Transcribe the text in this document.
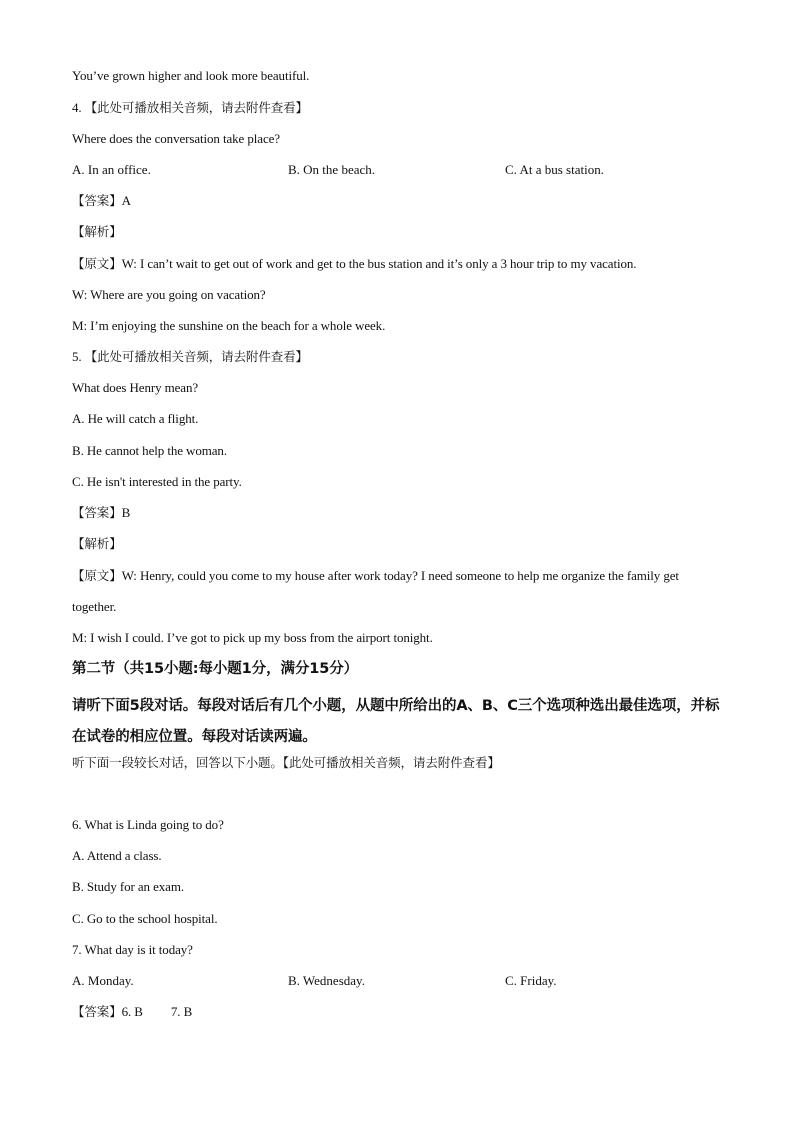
You’ve grown higher and look more beautiful.
4. 【此处可播放相关音频，请去附件查看】
Where does the conversation take place?
A. In an office.	B. On the beach.	C. At a bus station.
【答案】A
【解析】
【原文】W: I can’t wait to get out of work and get to the bus station and it’s only a 3 hour trip to my vacation.
W: Where are you going on vacation?
M: I’m enjoying the sunshine on the beach for a whole week.
5. 【此处可播放相关音频，请去附件查看】
What does Henry mean?
A. He will catch a flight.
B. He cannot help the woman.
C. He isn't interested in the party.
【答案】B
【解析】
【原文】W: Henry, could you come to my house after work today? I need someone to help me organize the family get together.
M: I wish I could. I’ve got to pick up my boss from the airport tonight.
第二节（共15小题:每小题1分，满分15分）
请听下面5段对话。每段对话后有几个小题，从题中所给出的A、B、C三个选项种选出最佳选项，并标在试卷的相应位置。每段对话读两遍。
听下面一段较长对话，回答以下小题。【此处可播放相关音频，请去附件查看】
6. What is Linda going to do?
A. Attend a class.
B. Study for an exam.
C. Go to the school hospital.
7. What day is it today?
A. Monday.	B. Wednesday.	C. Friday.
【答案】6. B 7. B
